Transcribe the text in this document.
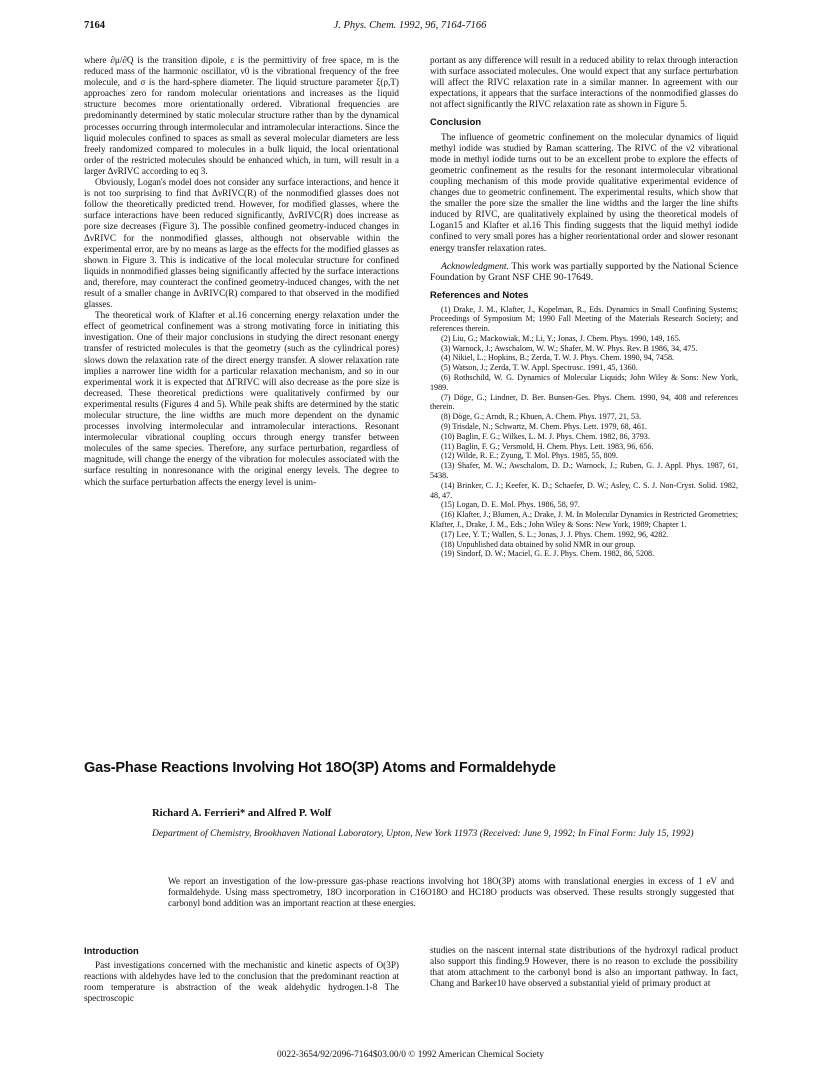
7164	J. Phys. Chem. 1992, 96, 7164-7166

where ∂μ/∂Q is the transition dipole, ε is the permittivity of free space, m is the reduced mass of the harmonic oscillator, ν0 is the vibrational frequency of the free molecule, and σ is the hard-sphere diameter. The liquid structure parameter ξ(ρ,T) approaches zero for random molecular orientations and increases as the liquid structure becomes more orientationally ordered. Vibrational frequencies are predominantly determined by static molecular structure rather than by the dynamical processes occurring through intermolecular and intramolecular interactions. Since the liquid molecules confined to spaces as small as several molecular diameters are less freely randomized compared to molecules in a bulk liquid, the local orientational order of the restricted molecules should be enhanced which, in turn, will result in a larger ΔνRIVC according to eq 3.

Obviously, Logan's model does not consider any surface interactions, and hence it is not too surprising to find that ΔνRIVC(R) of the nonmodified glasses does not follow the theoretically predicted trend. However, for modified glasses, where the surface interactions have been reduced significantly, ΔνRIVC(R) does increase as pore size decreases (Figure 3). The possible confined geometry-induced changes in ΔνRIVC for the nonmodified glasses, although not observable within the experimental error, are by no means as large as the effects for the modified glasses as shown in Figure 3. This is indicative of the local molecular structure for confined liquids in nonmodified glasses being significantly affected by the surface interactions and, therefore, may counteract the confined geometry-induced changes, with the net result of a smaller change in ΔνRIVC(R) compared to that observed in the modified glasses.

The theoretical work of Klafter et al.16 concerning energy relaxation under the effect of geometrical confinement was a strong motivating force in initiating this investigation. One of their major conclusions in studying the direct resonant energy transfer of restricted molecules is that the geometry (such as the cylindrical pores) slows down the relaxation rate of the direct energy transfer. A slower relaxation rate implies a narrower line width for a particular relaxation mechanism, and so in our experimental work it is expected that ΔΓRIVC will also decrease as the pore size is decreased. These theoretical predictions were qualitatively confirmed by our experimental results (Figures 4 and 5). While peak shifts are determined by the static molecular structure, the line widths are much more dependent on the dynamic processes involving intermolecular and intramolecular interactions. Resonant intermolecular vibrational coupling occurs through energy transfer between molecules of the same species. Therefore, any surface perturbation, regardless of magnitude, will change the energy of the vibration for molecules associated with the surface resulting in nonresonance with the original energy levels. The degree to which the surface perturbation affects the energy level is unim-

portant as any difference will result in a reduced ability to relax through interaction with surface associated molecules. One would expect that any surface perturbation will affect the RIVC relaxation rate in a similar manner. In agreement with our expectations, it appears that the surface interactions of the nonmodified glasses do not affect significantly the RIVC relaxation rate as shown in Figure 5.

Conclusion

The influence of geometric confinement on the molecular dynamics of liquid methyl iodide was studied by Raman scattering. The RIVC of the ν2 vibrational mode in methyl iodide turns out to be an excellent probe to explore the effects of geometric confinement as the results for the resonant intermolecular vibrational coupling mechanism of this mode provide qualitative experimental evidence of changes due to geometric confinement. The experimental results, which show that the smaller the pore size the smaller the line widths and the larger the line shifts induced by RIVC, are qualitatively explained by using the theoretical models of Logan15 and Klafter et al.16 This finding suggests that the liquid methyl iodide confined to very small pores has a higher reorientational order and slower resonant energy transfer relaxation rates.

Acknowledgment. This work was partially supported by the National Science Foundation by Grant NSF CHE 90-17649.

References and Notes

(1) Drake, J. M., Klafter, J., Kopelman, R., Eds. Dynamics in Small Confining Systems; Proceedings of Symposium M; 1990 Fall Meeting of the Materials Research Society; and references therein.

(2) Liu, G.; Mackowiak, M.; Li, Y.; Jonas, J. Chem. Phys. 1990, 149, 165.

(3) Warnock, J.; Awschalom, W. W.; Shafer, M. W. Phys. Rev. B 1986, 34, 475.

(4) Nikiel, L.; Hopkins, B.; Zerda, T. W. J. Phys. Chem. 1990, 94, 7458.

(5) Watson, J.; Zerda, T. W. Appl. Spectrosc. 1991, 45, 1360.

(6) Rothschild, W. G. Dynamics of Molecular Liquids; John Wiley & Sons: New York, 1989.

(7) Döge, G.; Lindner, D. Ber. Bunsen-Ges. Phys. Chem. 1990, 94, 408 and references therein.

(8) Döge, G.; Arndt, R.; Khuen, A. Chem. Phys. 1977, 21, 53.

(9) Trisdale, N.; Schwartz, M. Chem. Phys. Lett. 1979, 68, 461.

(10) Baglin, F. G.; Wilkes, L. M. J. Phys. Chem. 1982, 86, 3793.

(11) Baglin, F. G.; Versmold, H. Chem. Phys. Lett. 1983, 96, 656.

(12) Wilde, R. E.; Zyung, T. Mol. Phys. 1985, 55, 809.

(13) Shafer, M. W.; Awschalom, D. D.; Warnock, J.; Ruben, G. J. Appl. Phys. 1987, 61, 5438.

(14) Brinker, C. J.; Keefer, K. D.; Schaefer, D. W.; Asley, C. S. J. Non-Cryst. Solid. 1982, 48, 47.

(15) Logan, D. E. Mol. Phys. 1986, 58, 97.

(16) Klafter, J.; Blumen, A.; Drake, J. M. In Molecular Dynamics in Restricted Geometries; Klafter, J., Drake, J. M., Eds.; John Wiley & Sons: New York, 1989; Chapter 1.

(17) Lee, Y. T.; Wallen, S. L.; Jonas, J. J. Phys. Chem. 1992, 96, 4282.

(18) Unpublished data obtained by solid NMR in our group.

(19) Sindorf, D. W.; Maciel, G. E. J. Phys. Chem. 1982, 86, 5208.

Gas-Phase Reactions Involving Hot 18O(3P) Atoms and Formaldehyde
Richard A. Ferrieri* and Alfred P. Wolf
Department of Chemistry, Brookhaven National Laboratory, Upton, New York 11973 (Received: June 9, 1992; In Final Form: July 15, 1992)
We report an investigation of the low-pressure gas-phase reactions involving hot 18O(3P) atoms with translational energies in excess of 1 eV and formaldehyde. Using mass spectrometry, 18O incorporation in C16O18O and HC18O products was observed. These results strongly suggested that carbonyl bond addition was an important reaction at these energies.

Introduction

Past investigations concerned with the mechanistic and kinetic aspects of O(3P) reactions with aldehydes have led to the conclusion that the predominant reaction at room temperature is abstraction of the weak aldehydic hydrogen.1-8 The spectroscopic

studies on the nascent internal state distributions of the hydroxyl radical product also support this finding.9 However, there is no reason to exclude the possibility that atom attachment to the carbonyl bond is also an important pathway. In fact, Chang and Barker10 have observed a substantial yield of primary product at

0022-3654/92/2096-7164$03.00/0 © 1992 American Chemical Society
